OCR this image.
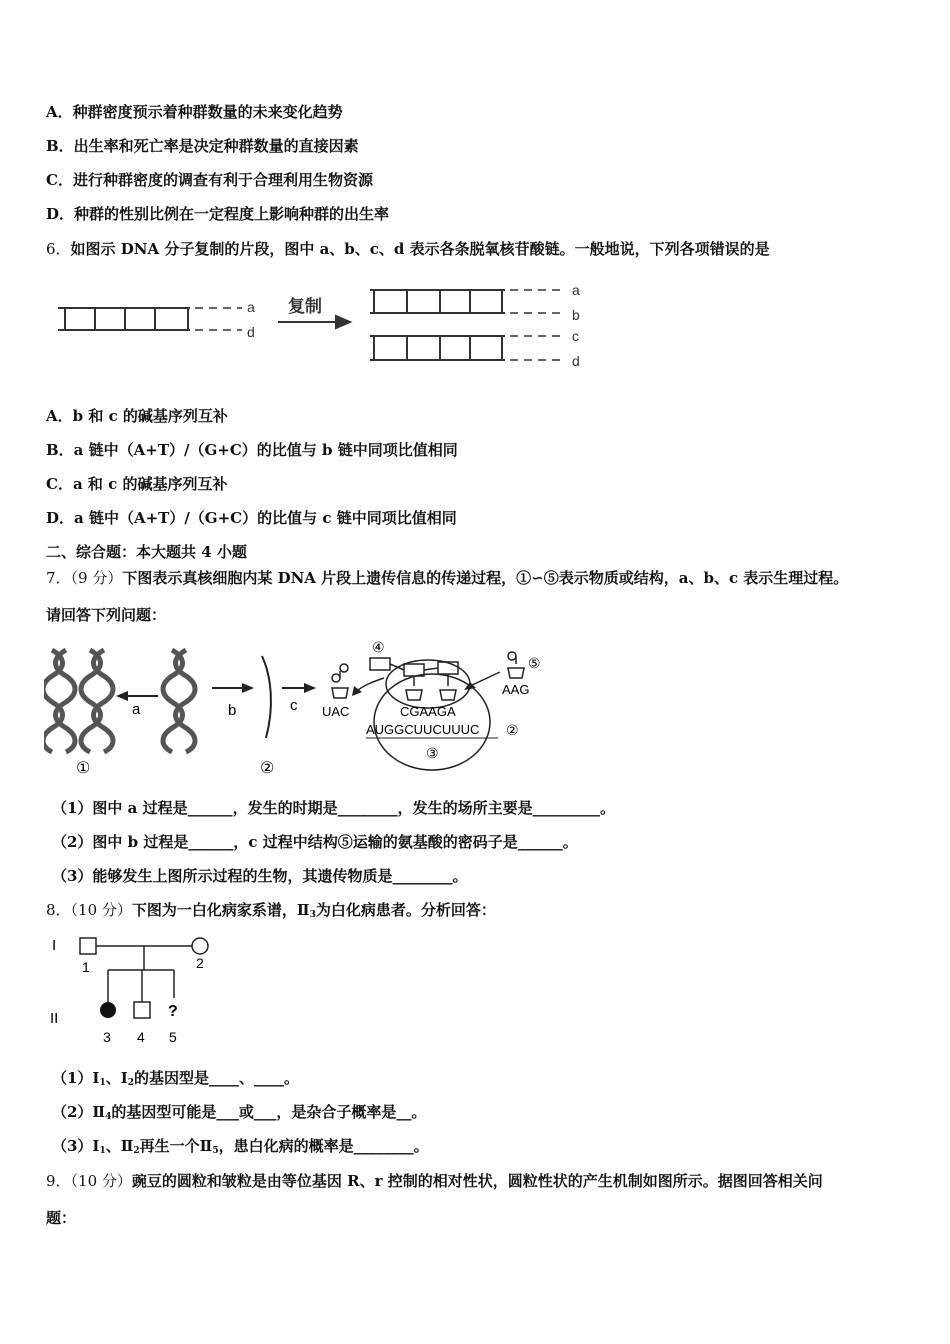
A．种群密度预示着种群数量的未来变化趋势
B．出生率和死亡率是决定种群数量的直接因素
C．进行种群密度的调查有利于合理利用生物资源
D．种群的性别比例在一定程度上影响种群的出生率
6．如图示 DNA 分子复制的片段，图中 a、b、c、d 表示各条脱氧核苷酸链。一般地说，下列各项错误的是
复制
a
d
a
b
c
d
A．b 和 c 的碱基序列互补
B．a 链中（A+T）/（G+C）的比值与 b 链中同项比值相同
C．a 和 c 的碱基序列互补
D．a 链中（A+T）/（G+C）的比值与 c 链中同项比值相同
二、综合题：本大题共 4 小题
7．（9 分）下图表示真核细胞内某 DNA 片段上遗传信息的传递过程，①∽⑤表示物质或结构，a、b、c 表示生理过程。
请回答下列问题：
a	b	c UAC
④
CGAAGA
AUGGCUUCUUUC ②
③
⑤
AAG
①	②
（1）图中 a 过程是______，发生的时期是________，发生的场所主要是_________。
（2）图中 b 过程是______，c 过程中结构⑤运输的氨基酸的密码子是______。
（3）能够发生上图所示过程的生物，其遗传物质是________。
8．（10 分）下图为一白化病家系谱，$Ⅱ_3$为白化病患者。分析回答：
I
II
1	2
?
3 4 5
$(1)Ⅰ_1$、$Ⅰ_2$的基因型是____、____。
$(2)Ⅱ_4$的基因型可能是___或___，是杂合子概率是__。
$(3)Ⅰ_1$、$Ⅱ_2$再生一个$Ⅱ_5$，患白化病的概率是________。
9．（10 分）豌豆的圆粒和皱粒是由等位基因 R、r 控制的相对性状，圆粒性状的产生机制如图所示。据图回答相关问
题：
